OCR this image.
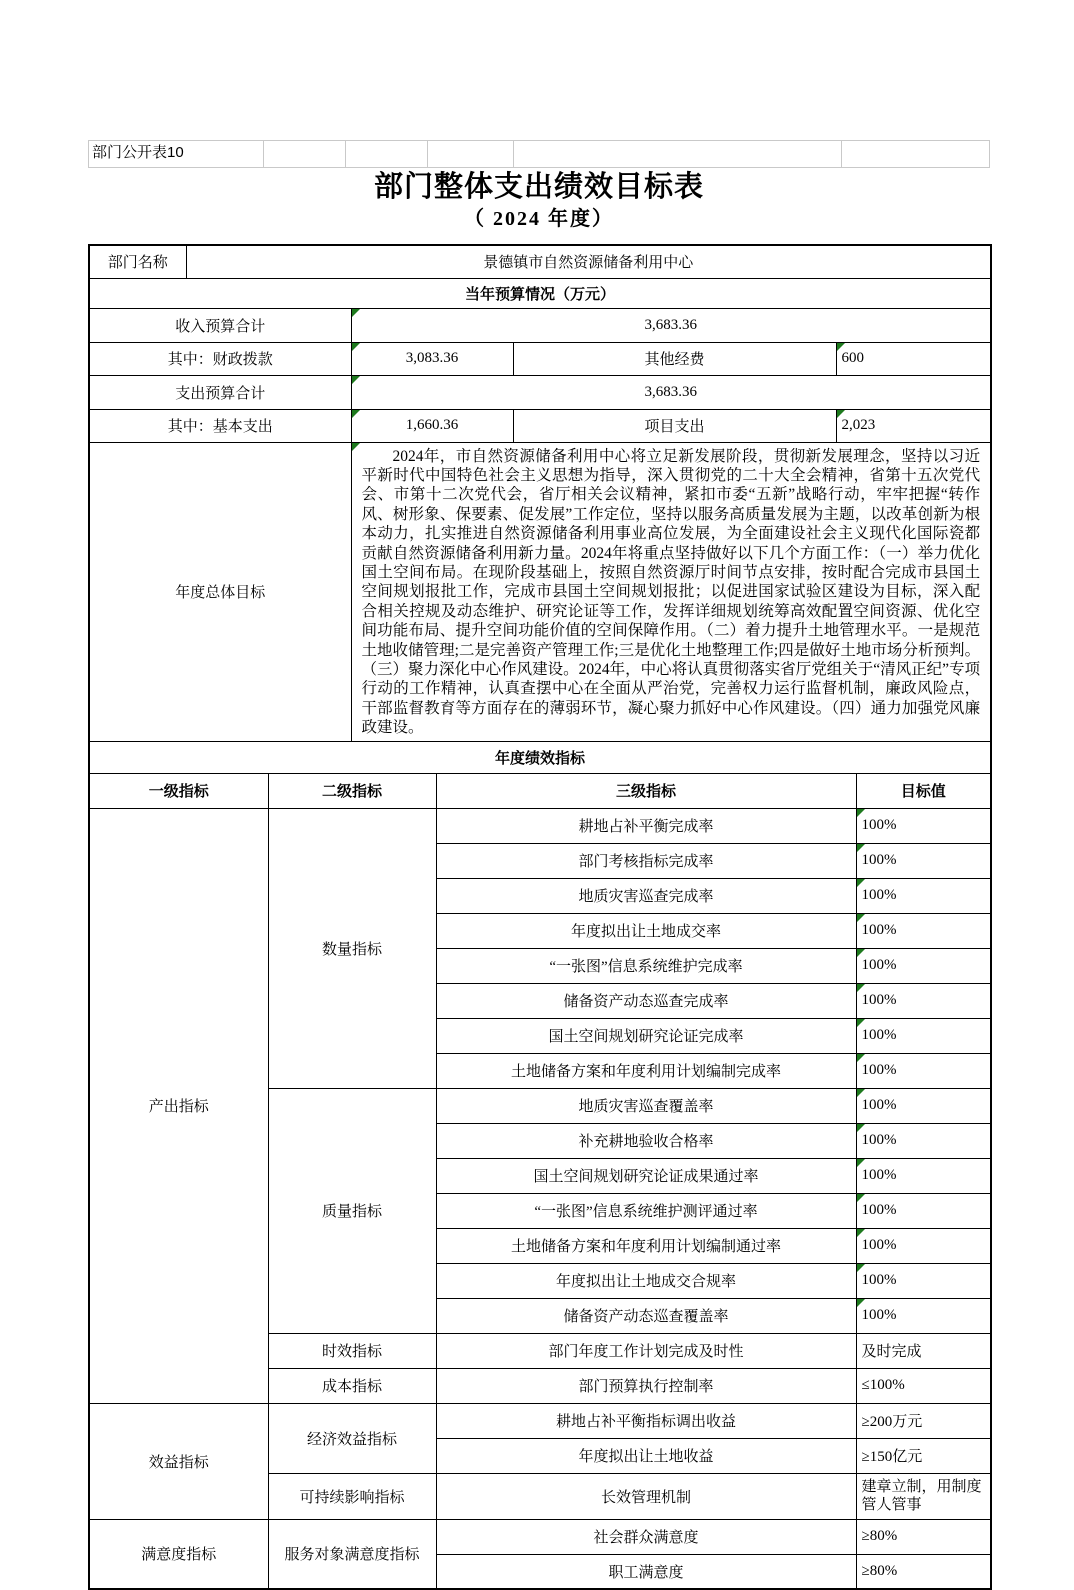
部门公开表10
部门整体支出绩效目标表
（ 2024 年度）
部门名称	景德镇市自然资源储备利用中心						
当年预算情况（万元）							
收入预算合计			3,683.36				
其中：财政拨款			3,083.36		其他经费	600	
支出预算合计			3,683.36				
其中：基本支出			1,660.36		项目支出	2,023	
年度总体目标			2024年，市自然资源储备利用中心将立足新发展阶段，贯彻新发展理念，坚持以习近平新时代中国特色社会主义思想为指导，深入贯彻党的二十大全会精神，省第十五次党代会、市第十二次党代会，省厅相关会议精神，紧扣市委“五新”战略行动，牢牢把握“转作风、树形象、保要素、促发展”工作定位，坚持以服务高质量发展为主题，以改革创新为根本动力，扎实推进自然资源储备利用事业高位发展，为全面建设社会主义现代化国际瓷都贡献自然资源储备利用新力量。2024年将重点坚持做好以下几个方面工作：（一）举力优化国土空间布局。在现阶段基础上，按照自然资源厅时间节点安排，按时配合完成市县国土空间规划报批工作，完成市县国土空间规划报批；以促进国家试验区建设为目标，深入配合相关控规及动态维护、研究论证等工作，发挥详细规划统筹高效配置空间资源、优化空间功能布局、提升空间功能价值的空间保障作用。（二）着力提升土地管理水平。一是规范土地收储管理;二是完善资产管理工作;三是优化土地整理工作;四是做好土地市场分析预判。（三）聚力深化中心作风建设。2024年，中心将认真贯彻落实省厅党组关于“清风正纪”专项行动的工作精神，认真查摆中心在全面从严治党，完善权力运行监督机制，廉政风险点，干部监督教育等方面存在的薄弱环节，凝心聚力抓好中心作风建设。（四）通力加强党风廉政建设。				

年度绩效指标							
一级指标		二级指标		三级指标			目标值
产出指标		数量指标		耕地占补平衡完成率			100%
				部门考核指标完成率			100%
				地质灾害巡查完成率			100%
				年度拟出让土地成交率			100%
				“一张图”信息系统维护完成率			100%
				储备资产动态巡查完成率			100%
				国土空间规划研究论证完成率			100%
				土地储备方案和年度利用计划编制完成率			100%
		质量指标		地质灾害巡查覆盖率			100%
				补充耕地验收合格率			100%
				国土空间规划研究论证成果通过率			100%
				“一张图”信息系统维护测评通过率			100%
				土地储备方案和年度利用计划编制通过率			100%
				年度拟出让土地成交合规率			100%
				储备资产动态巡查覆盖率			100%
		时效指标		部门年度工作计划完成及时性			及时完成
		成本指标		部门预算执行控制率			≤100%
效益指标		经济效益指标		耕地占补平衡指标调出收益			≥200万元
				年度拟出让土地收益			≥150亿元
		可持续影响指标		长效管理机制			建章立制，用制度管人管事
满意度指标		服务对象满意度指标		社会群众满意度			≥80%
				职工满意度			≥80%
